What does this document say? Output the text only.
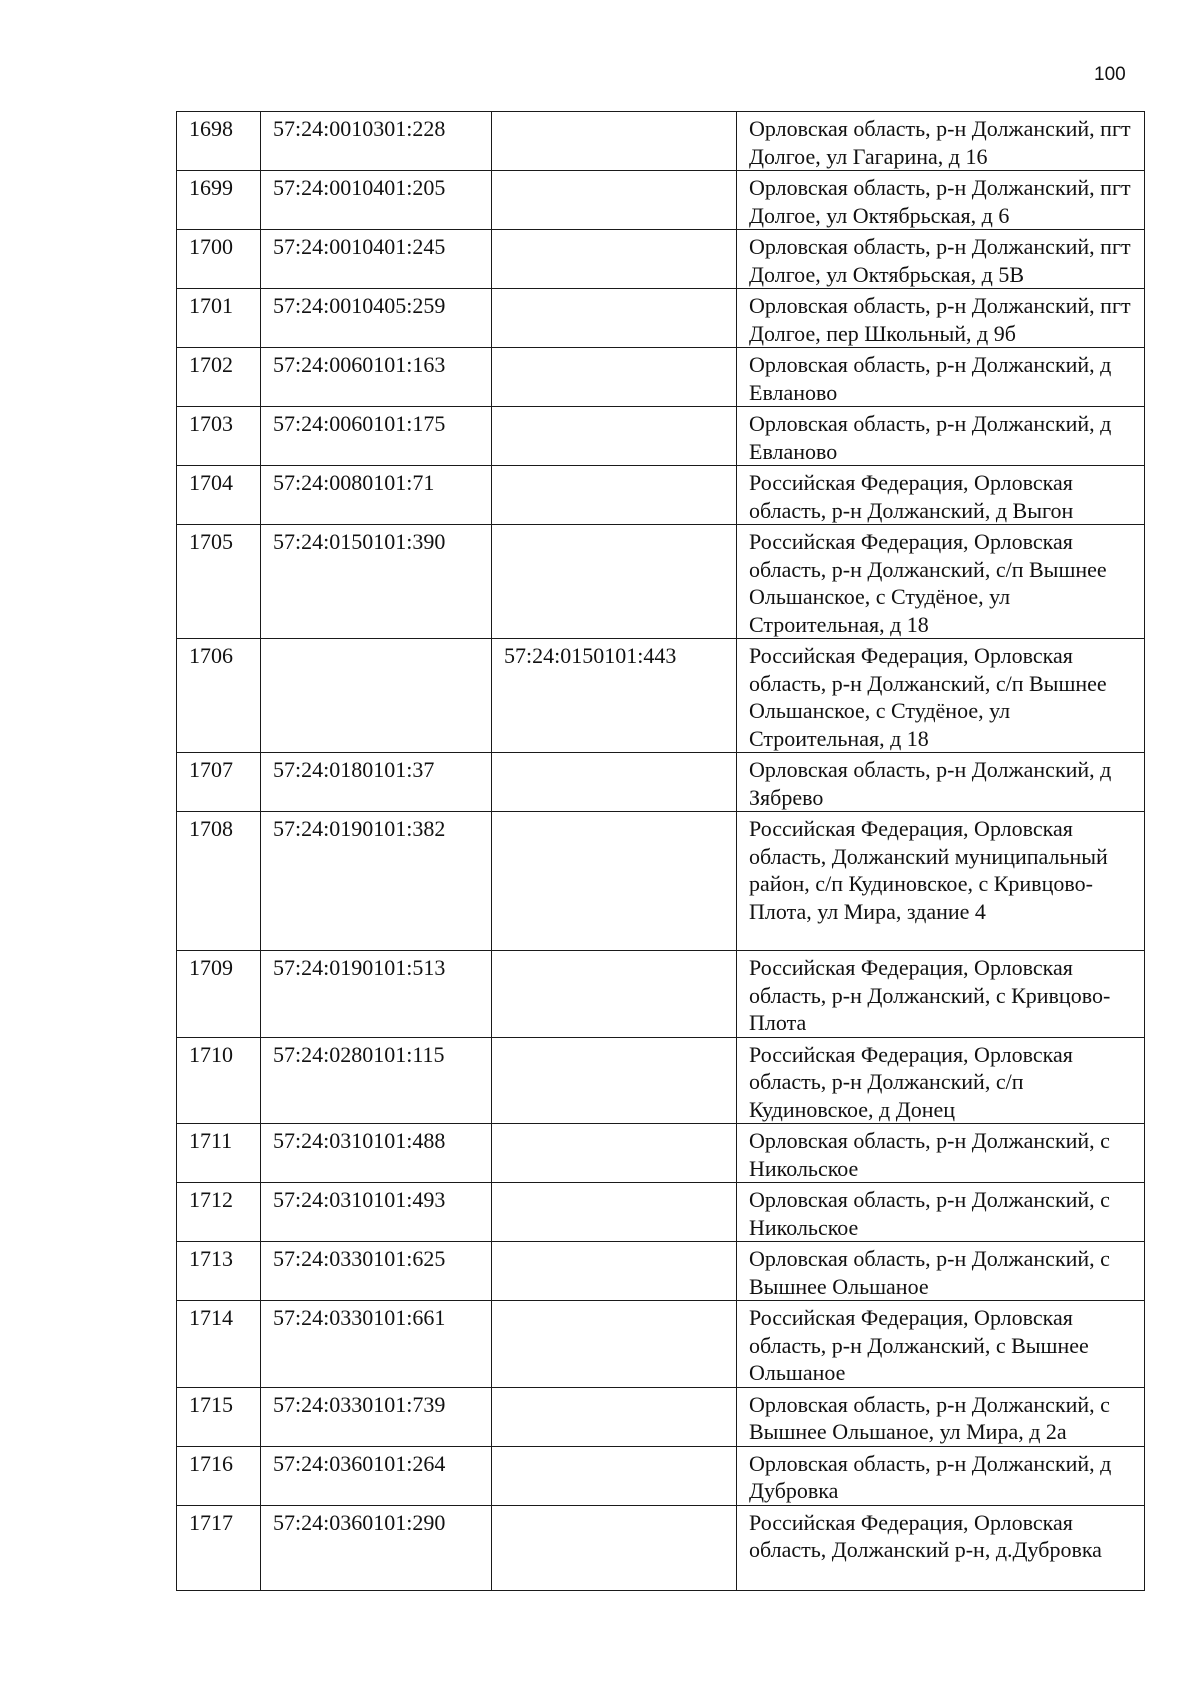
100
1698	57:24:0010301:228		Орловская область, р-н Должанский, пгт Долгое, ул Гагарина, д 16
1699	57:24:0010401:205		Орловская область, р-н Должанский, пгт Долгое, ул Октябрьская, д 6
1700	57:24:0010401:245		Орловская область, р-н Должанский, пгт Долгое, ул Октябрьская, д 5В
1701	57:24:0010405:259		Орловская область, р-н Должанский, пгт Долгое, пер Школьный, д 9б
1702	57:24:0060101:163		Орловская область, р-н Должанский, д Евланово
1703	57:24:0060101:175		Орловская область, р-н Должанский, д Евланово
1704	57:24:0080101:71		Российская Федерация, Орловская область, р-н Должанский, д Выгон
1705	57:24:0150101:390		Российская Федерация, Орловская область, р-н Должанский, с/п Вышнее Ольшанское, с Студёное, ул Строительная, д 18
1706		57:24:0150101:443	Российская Федерация, Орловская область, р-н Должанский, с/п Вышнее Ольшанское, с Студёное, ул Строительная, д 18
1707	57:24:0180101:37		Орловская область, р-н Должанский, д Зябрево
1708	57:24:0190101:382		Российская Федерация, Орловская область, Должанский муниципальный район, с/п Кудиновское, с Кривцово-Плота, ул Мира, здание 4
1709	57:24:0190101:513		Российская Федерация, Орловская область, р-н Должанский, с Кривцово-Плота
1710	57:24:0280101:115		Российская Федерация, Орловская область, р-н Должанский, с/п Кудиновское, д Донец
1711	57:24:0310101:488		Орловская область, р-н Должанский, с Никольское
1712	57:24:0310101:493		Орловская область, р-н Должанский, с Никольское
1713	57:24:0330101:625		Орловская область, р-н Должанский, с Вышнее Ольшаное
1714	57:24:0330101:661		Российская Федерация, Орловская область, р-н Должанский, с Вышнее Ольшаное
1715	57:24:0330101:739		Орловская область, р-н Должанский, с Вышнее Ольшаное, ул Мира, д 2а
1716	57:24:0360101:264		Орловская область, р-н Должанский, д Дубровка
1717	57:24:0360101:290		Российская Федерация, Орловская область, Должанский р-н, д.Дубровка
